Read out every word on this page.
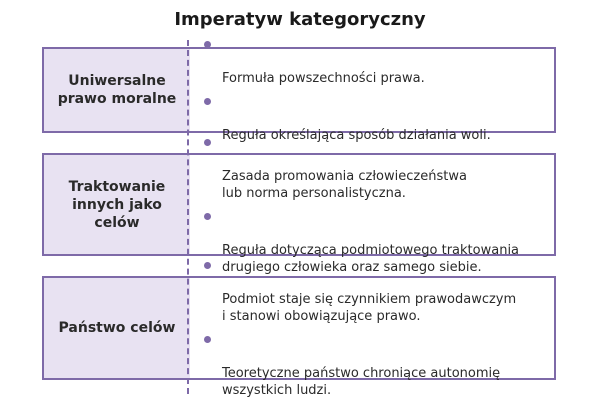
Imperatyw kategoryczny
Uniwersalne
prawo moralne

Formuła powszechności prawa.

Reguła określająca sposób działania woli.

Traktowanie
innych jako
celów

Zasada promowania człowieczeństwa
lub norma personalistyczna.

Reguła dotycząca podmiotowego traktowania
drugiego człowieka oraz samego siebie.

Państwo celów

Podmiot staje się czynnikiem prawodawczym
i stanowi obowiązujące prawo.

Teoretyczne państwo chroniące autonomię
wszystkich ludzi.
